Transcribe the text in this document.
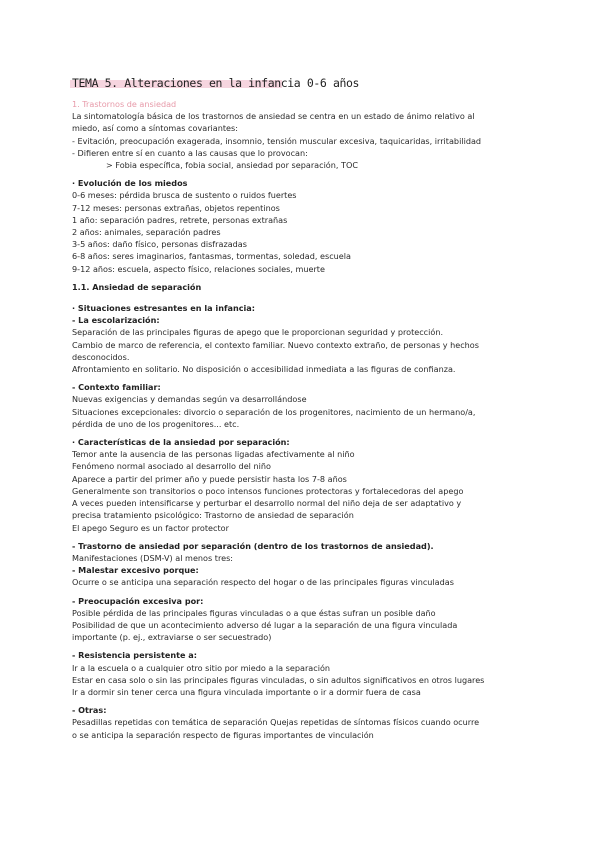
TEMA 5. Alteraciones en la infancia 0-6 años
1. Trastornos de ansiedad
La sintomatología básica de los trastornos de ansiedad se centra en un estado de ánimo relativo al
miedo, así como a síntomas covariantes:
- Evitación, preocupación exagerada, insomnio, tensión muscular excesiva, taquicaridas, irritabilidad
- Difieren entre sí en cuanto a las causas que lo provocan:
> Fobia específica, fobia social, ansiedad por separación, TOC
· Evolución de los miedos
0-6 meses: pérdida brusca de sustento o ruidos fuertes
7-12 meses: personas extrañas, objetos repentinos
1 año: separación padres, retrete, personas extrañas
2 años: animales, separación padres
3-5 años: daño físico, personas disfrazadas
6-8 años: seres imaginarios, fantasmas, tormentas, soledad, escuela
9-12 años: escuela, aspecto físico, relaciones sociales, muerte
1.1. Ansiedad de separación
· Situaciones estresantes en la infancia:
- La escolarización:
Separación de las principales figuras de apego que le proporcionan seguridad y protección.
Cambio de marco de referencia, el contexto familiar. Nuevo contexto extraño, de personas y hechos
desconocidos.
Afrontamiento en solitario. No disposición o accesibilidad inmediata a las figuras de confianza.
- Contexto familiar:
Nuevas exigencias y demandas según va desarrollándose
Situaciones excepcionales: divorcio o separación de los progenitores, nacimiento de un hermano/a,
pérdida de uno de los progenitores... etc.
· Características de la ansiedad por separación:
Temor ante la ausencia de las personas ligadas afectivamente al niño
Fenómeno normal asociado al desarrollo del niño
Aparece a partir del primer año y puede persistir hasta los 7-8 años
Generalmente son transitorios o poco intensos funciones protectoras y fortalecedoras del apego
A veces pueden intensificarse y perturbar el desarrollo normal del niño deja de ser adaptativo y
precisa tratamiento psicológico: Trastorno de ansiedad de separación
El apego Seguro es un factor protector
- Trastorno de ansiedad por separación (dentro de los trastornos de ansiedad).
Manifestaciones (DSM-V) al menos tres:
- Malestar excesivo porque:
Ocurre o se anticipa una separación respecto del hogar o de las principales figuras vinculadas
- Preocupación excesiva por:
Posible pérdida de las principales figuras vinculadas o a que éstas sufran un posible daño
Posibilidad de que un acontecimiento adverso dé lugar a la separación de una figura vinculada
importante (p. ej., extraviarse o ser secuestrado)
- Resistencia persistente a:
Ir a la escuela o a cualquier otro sitio por miedo a la separación
Estar en casa solo o sin las principales figuras vinculadas, o sin adultos significativos en otros lugares
Ir a dormir sin tener cerca una figura vinculada importante o ir a dormir fuera de casa
- Otras:
Pesadillas repetidas con temática de separación Quejas repetidas de síntomas físicos cuando ocurre
o se anticipa la separación respecto de figuras importantes de vinculación
